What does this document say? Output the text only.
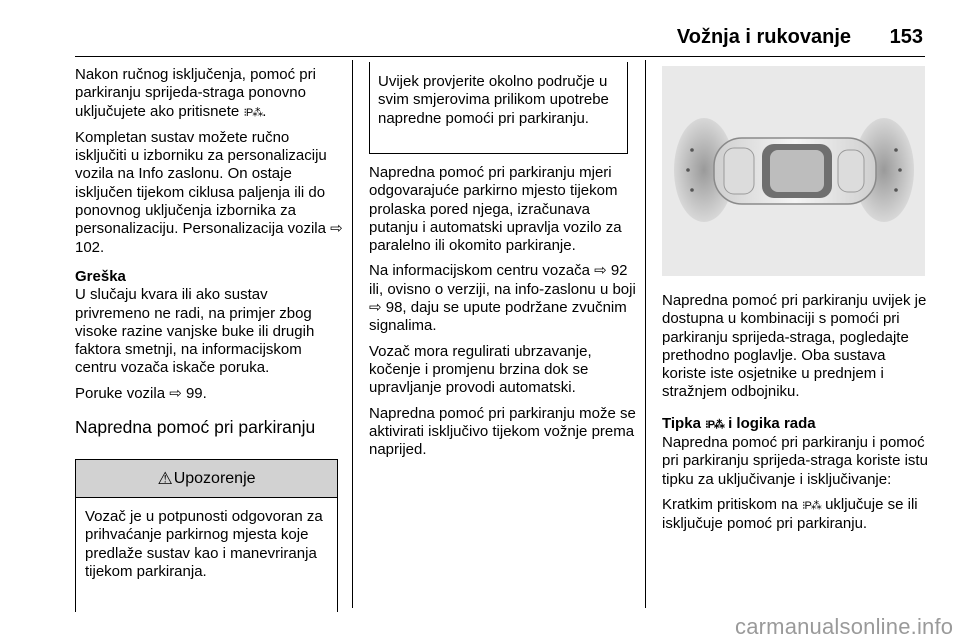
Vožnja i rukovanje 153

Nakon ručnog isključenja, pomoć pri parkiranju sprijeda-straga ponovno uključujete ako pritisnete ⁝P⁂.

Kompletan sustav možete ručno isključiti u izborniku za personalizaciju vozila na Info zaslonu. On ostaje isključen tijekom ciklusa paljenja ili do ponovnog uključenja izbornika za personalizaciju. Personalizacija vozila ⇨ 102.

Greška

U slučaju kvara ili ako sustav privremeno ne radi, na primjer zbog visoke razine vanjske buke ili drugih faktora smetnji, na informacijskom centru vozača iskače poruka.

Poruke vozila ⇨ 99.

Napredna pomoć pri parkiranju
⚠ Upozorenje
Vozač je u potpunosti odgovoran za prihvaćanje parkirnog mjesta koje predlaže sustav kao i manevriranja tijekom parkiranja.
Uvijek provjerite okolno područje u svim smjerovima prilikom upotrebe napredne pomoći pri parkiranju.

Napredna pomoć pri parkiranju mjeri odgovarajuće parkirno mjesto tijekom prolaska pored njega, izračunava putanju i automatski upravlja vozilo za paralelno ili okomito parkiranje.

Na informacijskom centru vozača ⇨ 92 ili, ovisno o verziji, na info-zaslonu u boji ⇨ 98, daju se upute podržane zvučnim signalima.

Vozač mora regulirati ubrzavanje, kočenje i promjenu brzina dok se upravljanje provodi automatski.

Napredna pomoć pri parkiranju može se aktivirati isključivo tijekom vožnje prema naprijed.

Napredna pomoć pri parkiranju uvijek je dostupna u kombinaciji s pomoći pri parkiranju sprijeda-straga, pogledajte prethodno poglavlje. Oba sustava koriste iste osjetnike u prednjem i stražnjem odbojniku.

Tipka ⁝P⁂ i logika rada

Napredna pomoć pri parkiranju i pomoć pri parkiranju sprijeda-straga koriste istu tipku za uključivanje i isključivanje:

Kratkim pritiskom na ⁝P⁂ uključuje se ili isključuje pomoć pri parkiranju.

carmanualsonline.info
